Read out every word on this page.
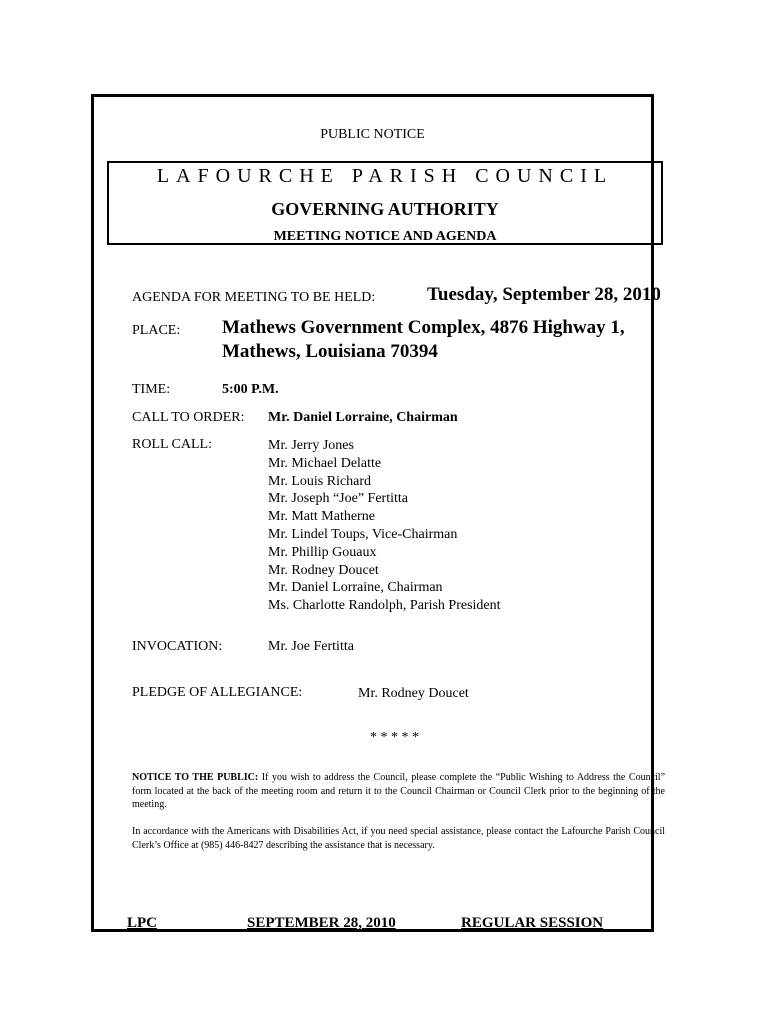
PUBLIC NOTICE
LAFOURCHE PARISH COUNCIL
GOVERNING AUTHORITY
MEETING NOTICE AND AGENDA
AGENDA FOR MEETING TO BE HELD:	Tuesday, September 28, 2010
PLACE: Mathews Government Complex, 4876 Highway 1,
Mathews, Louisiana 70394
TIME:	5:00 P.M.
CALL TO ORDER: Mr. Daniel Lorraine, Chairman
ROLL CALL:	Mr. Jerry Jones
Mr. Michael Delatte
Mr. Louis Richard
Mr. Joseph “Joe” Fertitta
Mr. Matt Matherne
Mr. Lindel Toups, Vice-Chairman
Mr. Phillip Gouaux
Mr. Rodney Doucet
Mr. Daniel Lorraine, Chairman
Ms. Charlotte Randolph, Parish President
INVOCATION:	Mr. Joe Fertitta
PLEDGE OF ALLEGIANCE:	Mr. Rodney Doucet
* * * * *

NOTICE TO THE PUBLIC: If you wish to address the Council, please complete the “Public Wishing to Address the Council” form located at the back of the meeting room and return it to the Council Chairman or Council Clerk prior to the beginning of the meeting.

In accordance with the Americans with Disabilities Act, if you need special assistance, please contact the Lafourche Parish Council Clerk’s Office at (985) 446-8427 describing the assistance that is necessary.

LPC	SEPTEMBER 28, 2010	REGULAR SESSION
